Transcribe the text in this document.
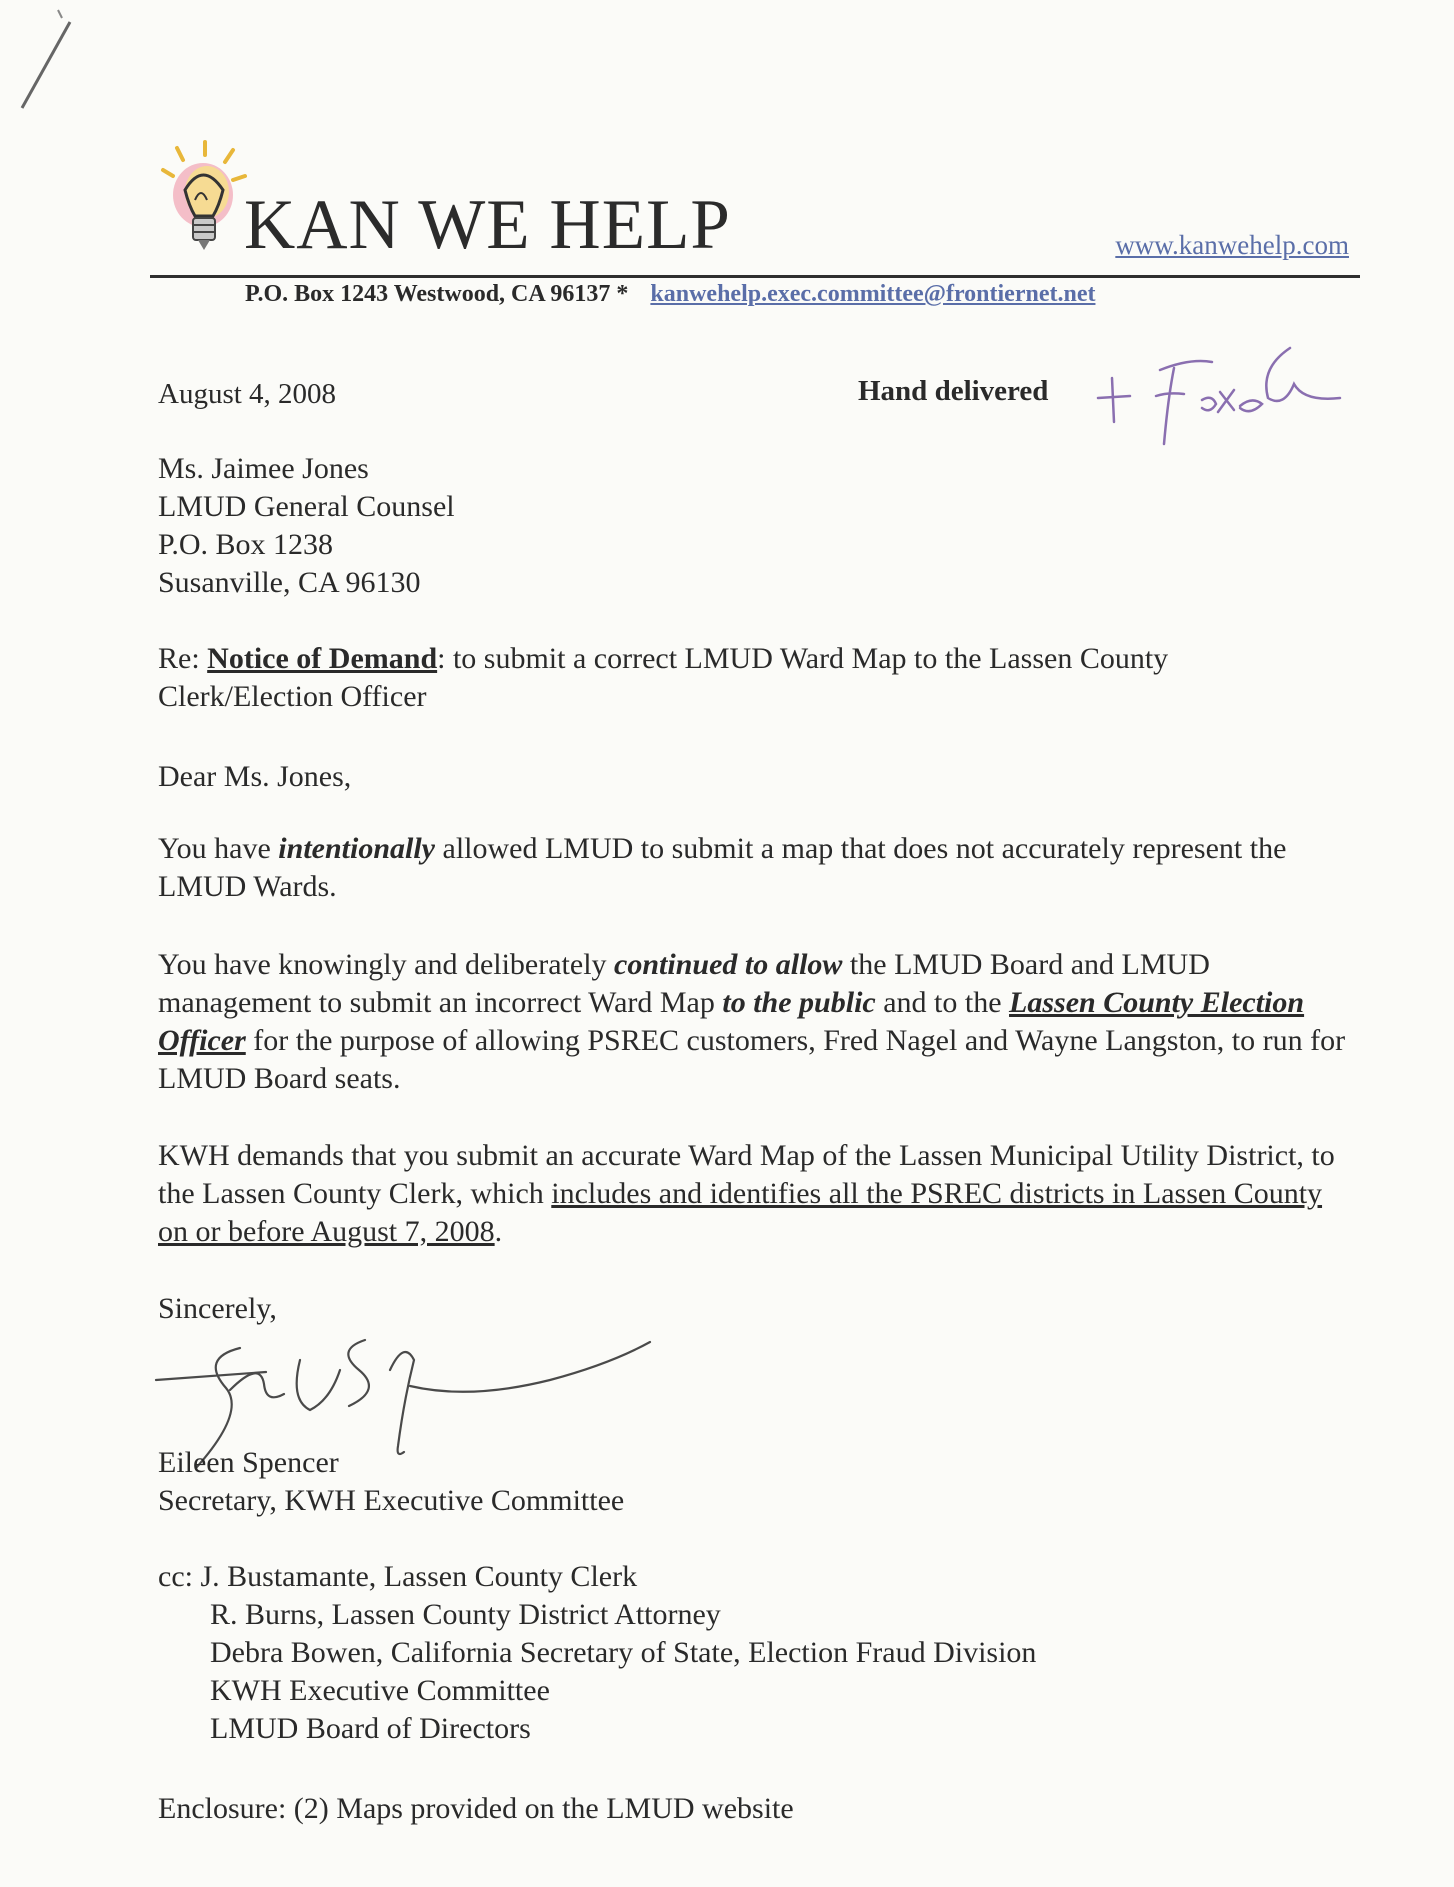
KAN WE HELP	www.kanwehelp.com
P.O. Box 1243 Westwood, CA 96137 * kanwehelp.exec.committee@frontiernet.net
August 4, 2008	Hand delivered
Ms. Jaimee Jones
LMUD General Counsel
P.O. Box 1238
Susanville, CA 96130
Re: Notice of Demand: to submit a correct LMUD Ward Map to the Lassen County Clerk/Election Officer
Dear Ms. Jones,
You have intentionally allowed LMUD to submit a map that does not accurately represent the LMUD Wards.
You have knowingly and deliberately continued to allow the LMUD Board and LMUD management to submit an incorrect Ward Map to the public and to the Lassen County Election Officer for the purpose of allowing PSREC customers, Fred Nagel and Wayne Langston, to run for LMUD Board seats.
KWH demands that you submit an accurate Ward Map of the Lassen Municipal Utility District, to the Lassen County Clerk, which includes and identifies all the PSREC districts in Lassen County on or before August 7, 2008.
Sincerely,
Eileen Spencer
Secretary, KWH Executive Committee
cc: J. Bustamante, Lassen County Clerk
R. Burns, Lassen County District Attorney
Debra Bowen, California Secretary of State, Election Fraud Division
KWH Executive Committee
LMUD Board of Directors
Enclosure: (2) Maps provided on the LMUD website
